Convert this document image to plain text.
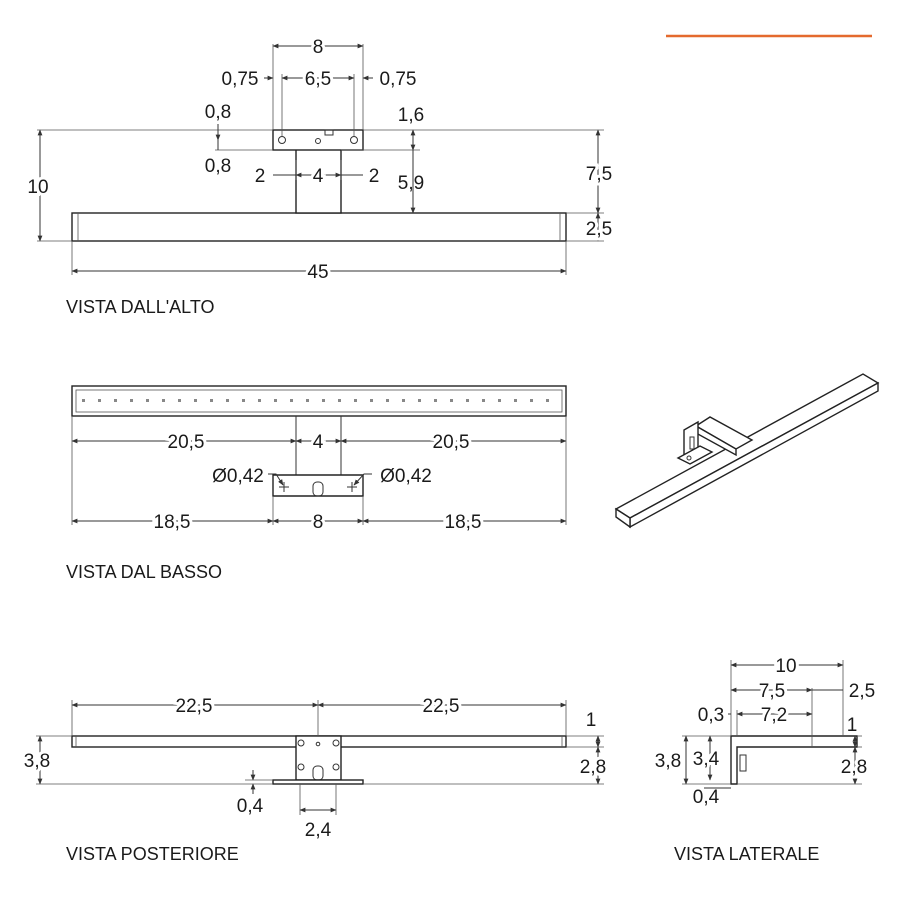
8
6,5
0,75	0,75
0,8
0,8
1,6
2 4 2 5,9
10
7,5
2,5
45
VISTA DALL'ALTO
20,5	4	20,5
Ø0,42	Ø0,42
18,5	8	18,5
VISTA DAL BASSO
22,5	22,5
1
3,8	2,8
0,4
2,4
VISTA POSTERIORE
10
7,5	2,5
0,3 7,2	1
3,8 3,4	2,8
0,4
VISTA LATERALE
